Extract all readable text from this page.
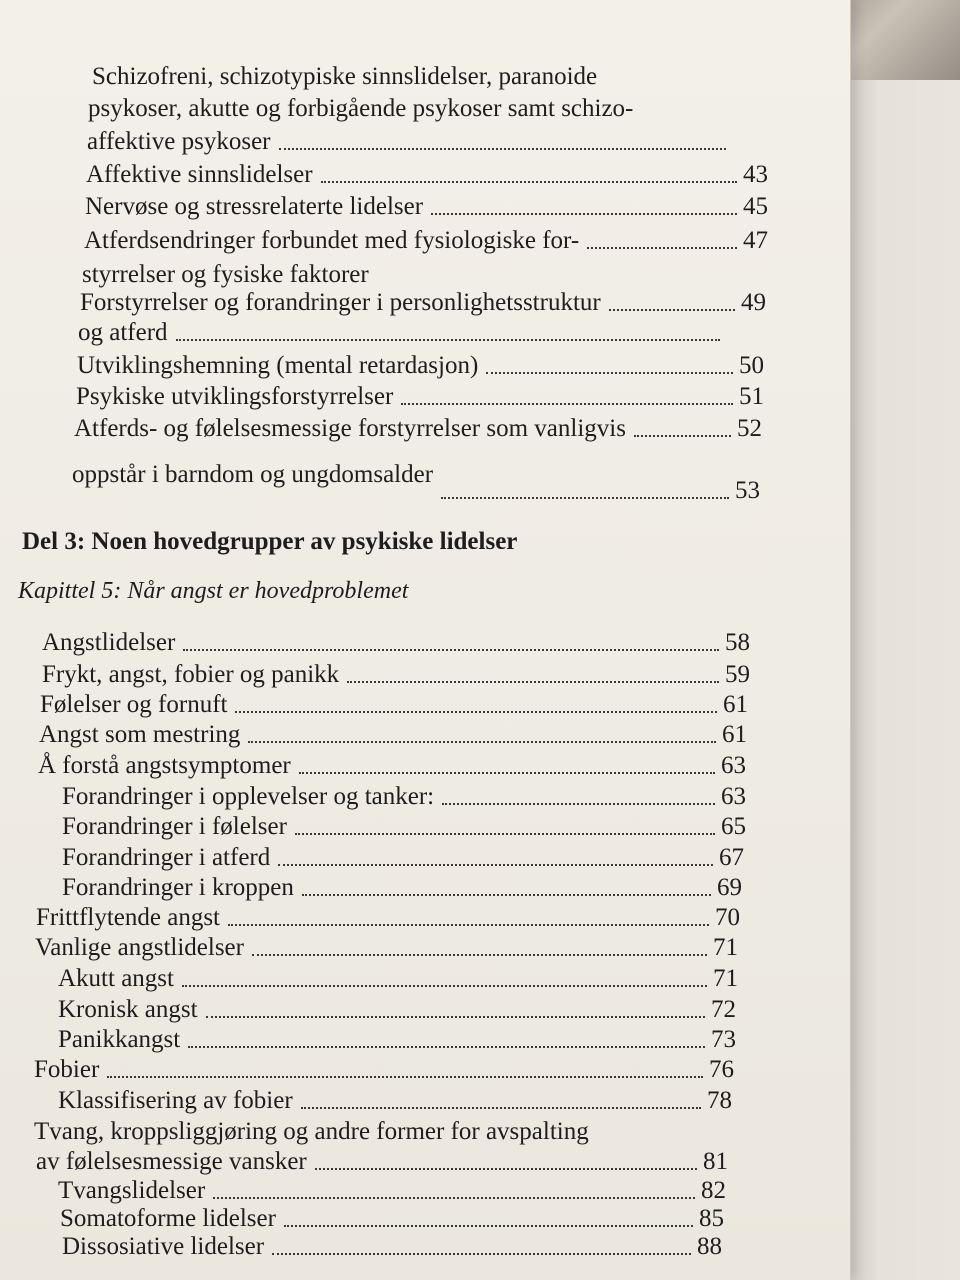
Schizofreni, schizotypiske sinnslidelser, paranoide
psykoser, akutte og forbigående psykoser samt schizo-
affektive psykoser
Affektive sinnslidelser	43
Nervøse og stressrelaterte lidelser	45
Atferdsendringer forbundet med fysiologiske for-	47
styrrelser og fysiske faktorer
Forstyrrelser og forandringer i personlighetsstruktur	49
og atferd
Utviklingshemning (mental retardasjon)	50
Psykiske utviklingsforstyrrelser	51
Atferds- og følelsesmessige forstyrrelser som vanligvis	52
oppstår i barndom og ungdomsalder
53
Del 3: Noen hovedgrupper av psykiske lidelser
Kapittel 5: Når angst er hovedproblemet
Angstlidelser	58
Frykt, angst, fobier og panikk	59
Følelser og fornuft	61
Angst som mestring	61
Å forstå angstsymptomer	63
Forandringer i opplevelser og tanker:	63
Forandringer i følelser	65
Forandringer i atferd	67
Forandringer i kroppen	69
Frittflytende angst	70
Vanlige angstlidelser	71
Akutt angst	71
Kronisk angst	72
Panikkangst	73
Fobier	76
Klassifisering av fobier	78
Tvang, kroppsliggjøring og andre former for avspalting
av følelsesmessige vansker	81
Tvangslidelser	82
Somatoforme lidelser	85
Dissosiative lidelser	88
